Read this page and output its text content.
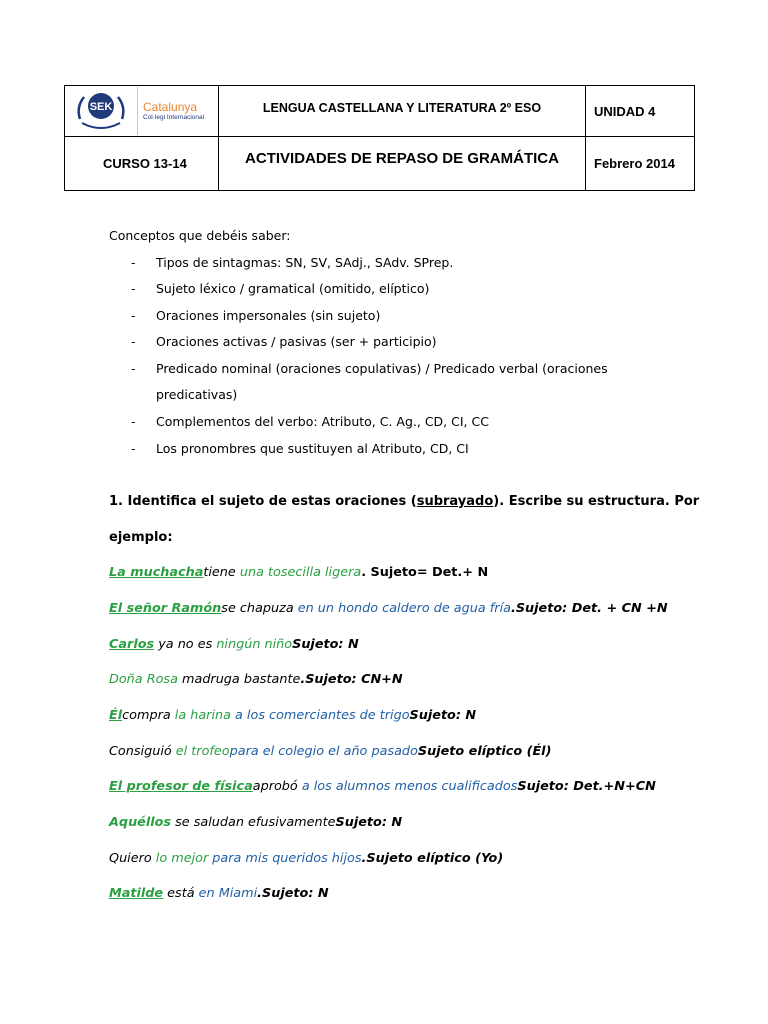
SEK Catalunya
Col·legi Internacional	LENGUA CASTELLANA Y LITERATURA 2º ESO	UNIDAD 4
CURSO 13-14	ACTIVIDADES DE REPASO DE GRAMÁTICA	Febrero 2014
Conceptos que debéis saber:
- Tipos de sintagmas: SN, SV, SAdj., SAdv. SPrep.
- Sujeto léxico / gramatical (omitido, elíptico)
- Oraciones impersonales (sin sujeto)
- Oraciones activas / pasivas (ser + participio)
- Predicado nominal (oraciones copulativas) / Predicado verbal (oraciones
predicativas)
- Complementos del verbo: Atributo, C. Ag., CD, CI, CC
- Los pronombres que sustituyen al Atributo, CD, CI
1. Identifica el sujeto de estas oraciones (subrayado). Escribe su estructura. Por
ejemplo:
La muchachatiene una tosecilla ligera. Sujeto= Det.+ N
El señor Ramónse chapuza en un hondo caldero de agua fría.Sujeto: Det. + CN +N
Carlos ya no es ningún niñoSujeto: N
Doña Rosa madruga bastante.Sujeto: CN+N
Élcompra la harina a los comerciantes de trigoSujeto: N
Consiguió el trofeopara el colegio el año pasadoSujeto elíptico (Él)
El profesor de físicaaprobó a los alumnos menos cualificadosSujeto: Det.+N+CN
Aquéllos se saludan efusivamenteSujeto: N
Quiero lo mejor para mis queridos hijos.Sujeto elíptico (Yo)
Matilde está en Miami.Sujeto: N
